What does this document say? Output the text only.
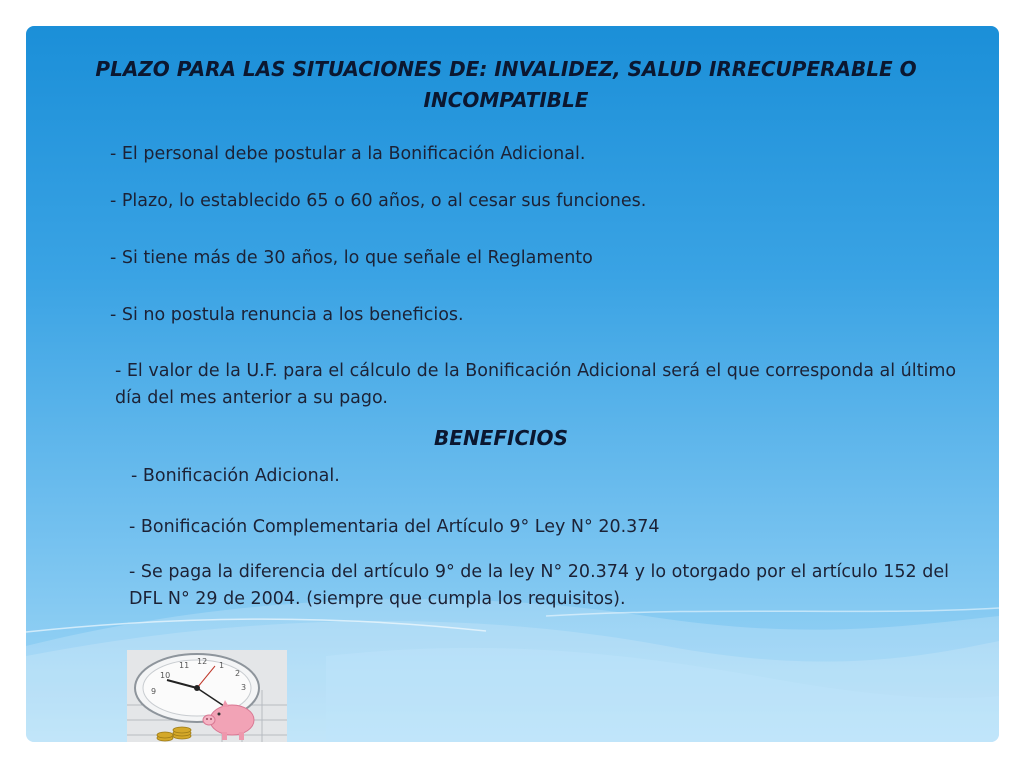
PLAZO PARA LAS SITUACIONES DE: INVALIDEZ, SALUD IRRECUPERABLE O INCOMPATIBLE
- El personal debe postular a la Bonificación Adicional.
- Plazo, lo establecido 65 o 60 años, o al cesar sus funciones.
- Si tiene más de 30 años, lo que señale el Reglamento
- Si no postula renuncia a los beneficios.
- El valor de la U.F. para el cálculo de la Bonificación Adicional será el que corresponda al último día del mes anterior a su pago.
BENEFICIOS
- Bonificación Adicional.
- Bonificación Complementaria del Artículo 9° Ley N° 20.374
- Se paga la diferencia del artículo 9° de la ley N° 20.374 y lo otorgado por el artículo 152 del DFL N° 29 de 2004. (siempre que cumpla los requisitos).
10
11 12 1
2
3
9
